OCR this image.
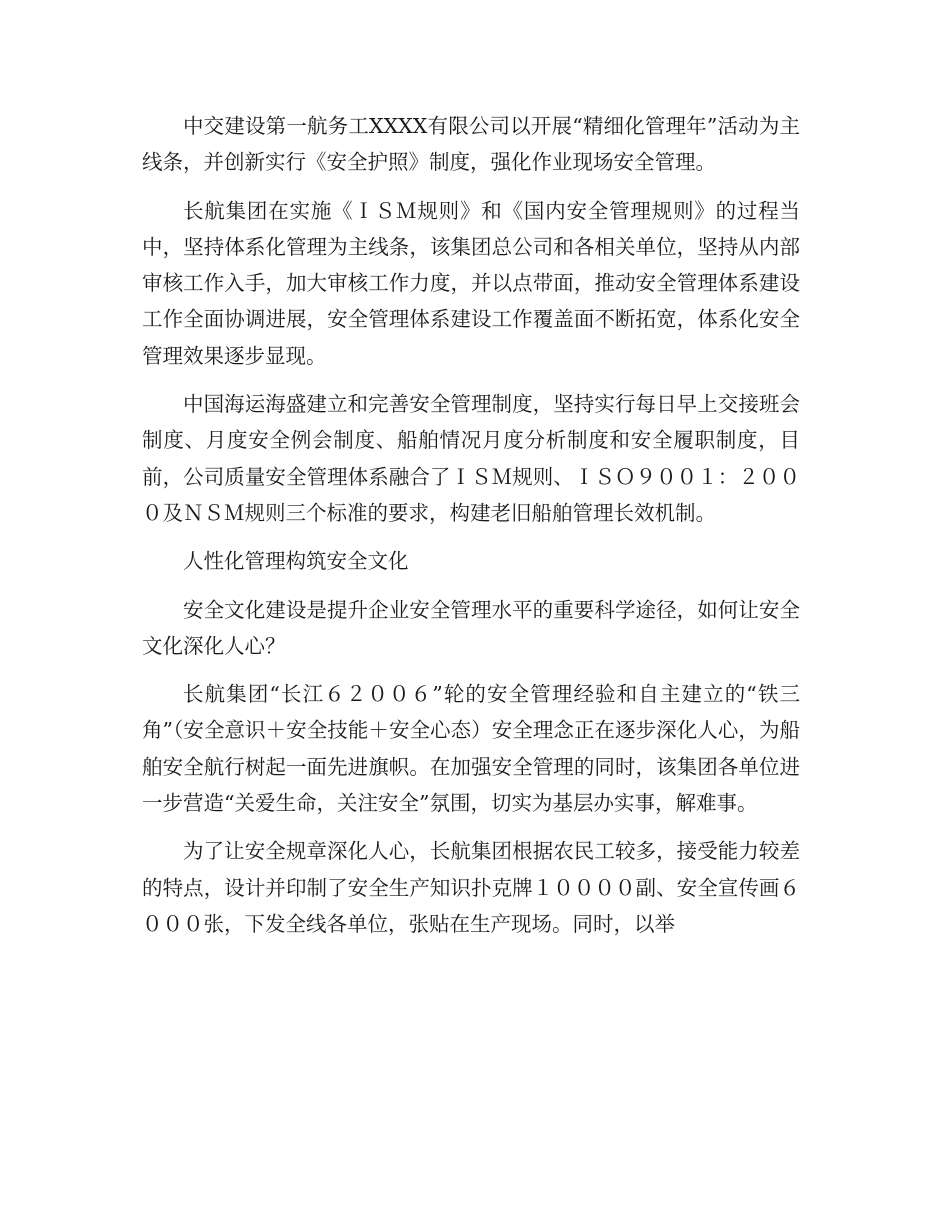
中交建设第一航务工XXXX有限公司以开展“精细化管理年”活动为主线条，并创新实行《安全护照》制度，强化作业现场安全管理。

长航集团在实施《ＩＳＭ规则》和《国内安全管理规则》的过程当中，坚持体系化管理为主线条，该集团总公司和各相关单位，坚持从内部审核工作入手，加大审核工作力度，并以点带面，推动安全管理体系建设工作全面协调进展，安全管理体系建设工作覆盖面不断拓宽，体系化安全管理效果逐步显现。

中国海运海盛建立和完善安全管理制度，坚持实行每日早上交接班会制度、月度安全例会制度、船舶情况月度分析制度和安全履职制度，目前，公司质量安全管理体系融合了ＩＳＭ规则、ＩＳＯ９００１：２０００及ＮＳＭ规则三个标准的要求，构建老旧船舶管理长效机制。

人性化管理构筑安全文化

安全文化建设是提升企业安全管理水平的重要科学途径，如何让安全文化深化人心？

长航集团“长江６２００６”轮的安全管理经验和自主建立的“铁三角”（安全意识＋安全技能＋安全心态）安全理念正在逐步深化人心，为船舶安全航行树起一面先进旗帜。在加强安全管理的同时，该集团各单位进一步营造“关爱生命，关注安全”氛围，切实为基层办实事，解难事。

为了让安全规章深化人心，长航集团根据农民工较多，接受能力较差的特点，设计并印制了安全生产知识扑克牌１００００副、安全宣传画６０００张，下发全线各单位，张贴在生产现场。同时，以举
